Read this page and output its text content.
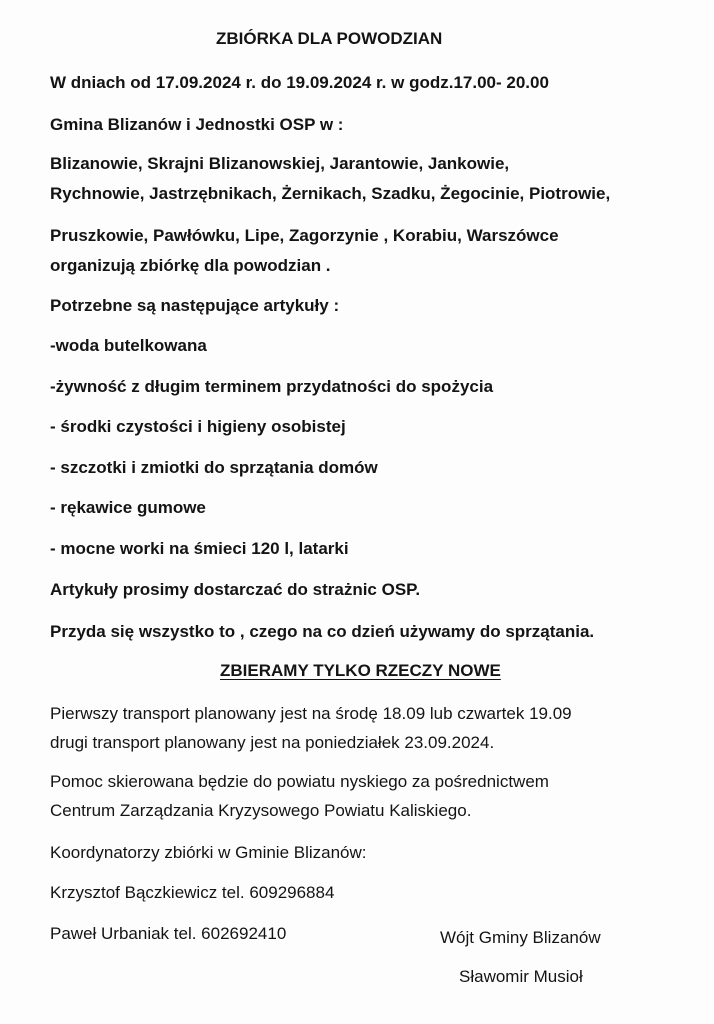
ZBIÓRKA DLA POWODZIAN
W dniach od 17.09.2024 r. do 19.09.2024 r. w godz.17.00- 20.00
Gmina Blizanów i Jednostki OSP w :
Blizanowie, Skrajni Blizanowskiej, Jarantowie, Jankowie,
Rychnowie, Jastrzębnikach, Żernikach, Szadku, Żegocinie, Piotrowie,
Pruszkowie, Pawłówku, Lipe, Zagorzynie , Korabiu, Warszówce
organizują zbiórkę dla powodzian .
Potrzebne są następujące artykuły :
-woda butelkowana
-żywność z długim terminem przydatności do spożycia
- środki czystości i higieny osobistej
- szczotki i zmiotki do sprzątania domów
- rękawice gumowe
- mocne worki na śmieci 120 l, latarki
Artykuły prosimy dostarczać do strażnic OSP.
Przyda się wszystko to , czego na co dzień używamy do sprzątania.
ZBIERAMY TYLKO RZECZY NOWE
Pierwszy transport planowany jest na środę 18.09 lub czwartek 19.09
drugi transport planowany jest na poniedziałek 23.09.2024.
Pomoc skierowana będzie do powiatu nyskiego za pośrednictwem
Centrum Zarządzania Kryzysowego Powiatu Kaliskiego.
Koordynatorzy zbiórki w Gminie Blizanów:
Krzysztof Bączkiewicz tel. 609296884
Paweł Urbaniak tel. 602692410	Wójt Gminy Blizanów
Sławomir Musioł
